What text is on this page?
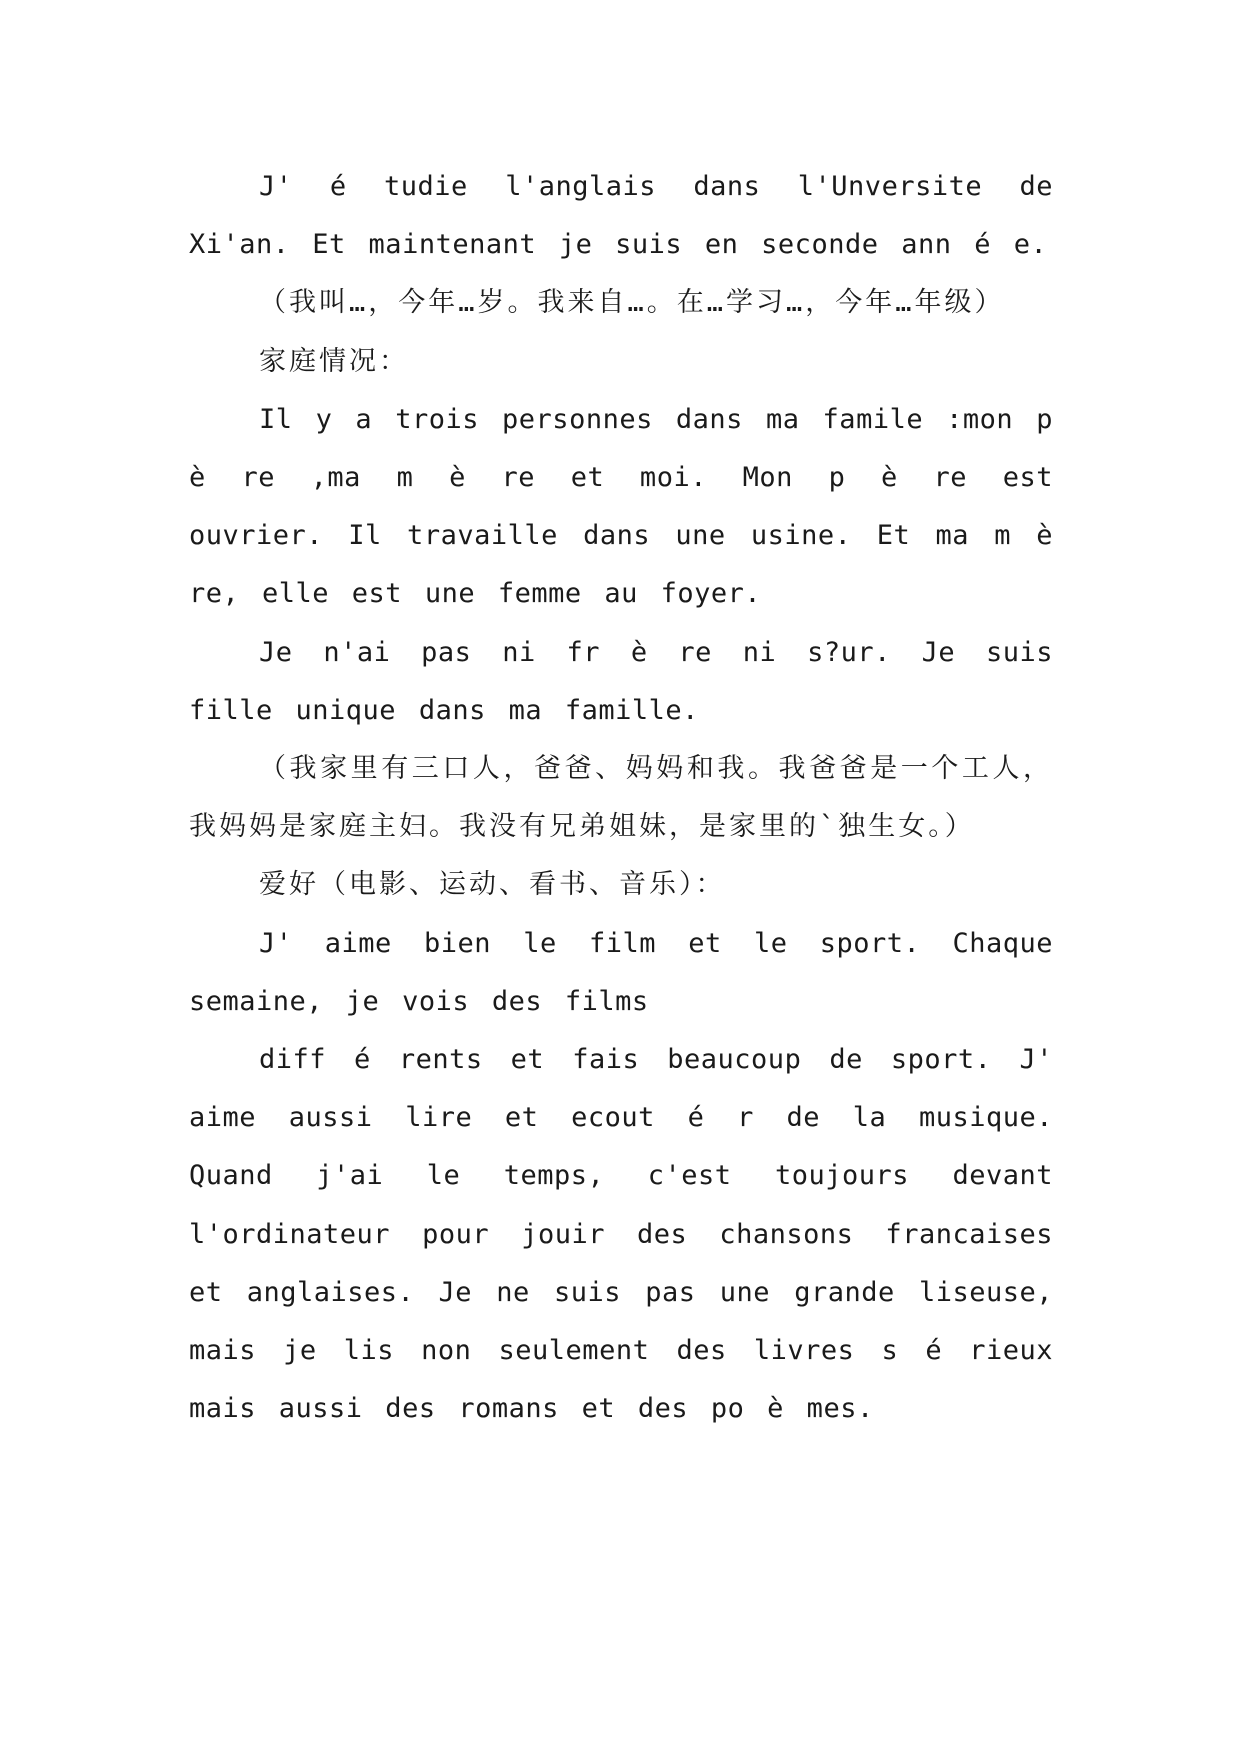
J' é tudie l'anglais dans l'Unversite de Xi'an. Et maintenant je suis en seconde ann é e.

（我叫…，今年…岁。我来自…。在…学习…，今年…年级）

家庭情况：

Il y a trois personnes dans ma famile :mon p è re ,ma m è re et moi. Mon p è re est ouvrier. Il travaille dans une usine. Et ma m è re, elle est une femme au foyer.

Je n'ai pas ni fr è re ni s?ur. Je suis fille unique dans ma famille.

（我家里有三口人，爸爸、妈妈和我。我爸爸是一个工人，我妈妈是家庭主妇。我没有兄弟姐妹，是家里的`独生女。）

爱好（电影、运动、看书、音乐）：

J' aime bien le film et le sport. Chaque semaine, je vois des films

diff é rents et fais beaucoup de sport. J' aime aussi lire et ecout é r de la musique. Quand j'ai le temps, c'est toujours devant l'ordinateur pour jouir des chansons francaises et anglaises. Je ne suis pas une grande liseuse, mais je lis non seulement des livres s é rieux mais aussi des romans et des po è mes.
